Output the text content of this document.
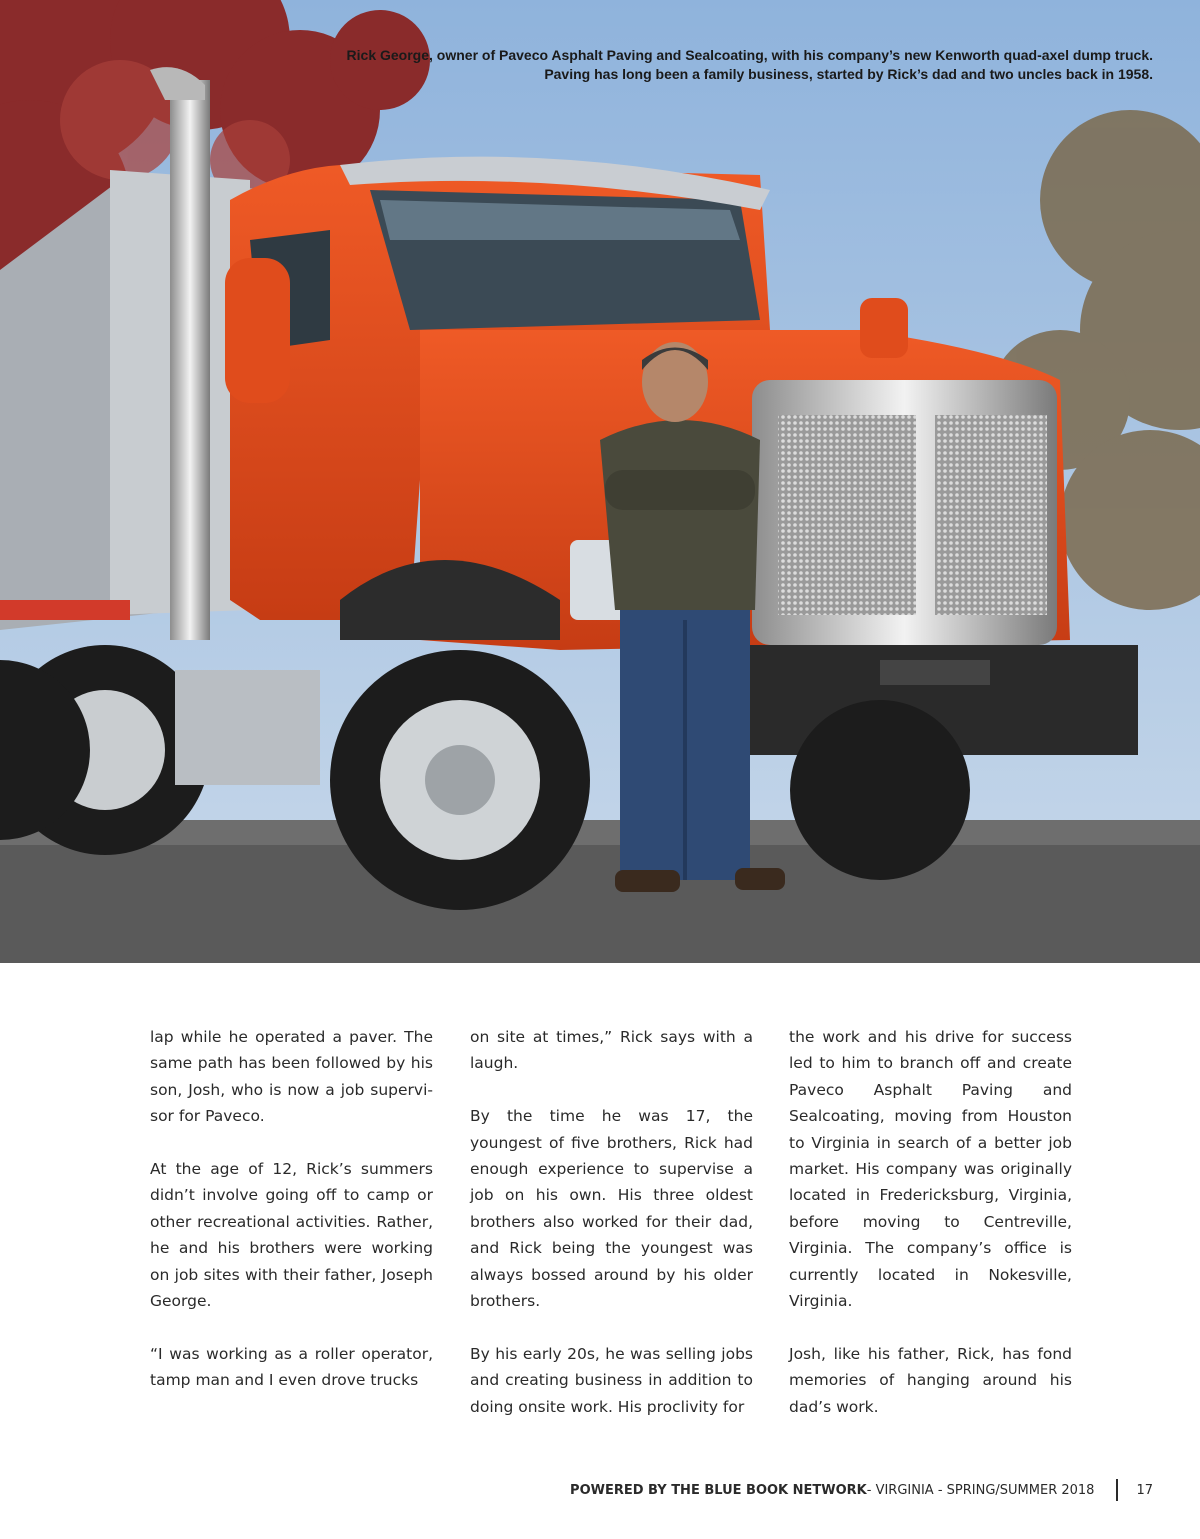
Rick George, owner of Paveco Asphalt Paving and Sealcoating, with his company’s new Kenworth quad-axel dump truck.
Paving has long been a family business, started by Rick’s dad and two uncles back in 1958.

lap while he operated a paver. The same path has been followed by his son, Josh, who is now a job supervi-sor for Paveco.

At the age of 12, Rick’s summers didn’t involve going off to camp or other recreational activities. Rather, he and his brothers were working on job sites with their father, Joseph George.

“I was working as a roller operator, tamp man and I even drove trucks

on site at times,” Rick says with a laugh.

By the time he was 17, the youngest of five brothers, Rick had enough experience to supervise a job on his own. His three oldest brothers also worked for their dad, and Rick being the youngest was always bossed around by his older brothers.

By his early 20s, he was selling jobs and creating business in addition to doing onsite work. His proclivity for

the work and his drive for success led to him to branch off and create Paveco Asphalt Paving and Sealcoating, moving from Houston to Virginia in search of a better job market. His company was originally located in Fredericksburg, Virginia, before moving to Centreville, Virginia. The company’s office is currently located in Nokesville, Virginia.

Josh, like his father, Rick, has fond memories of hanging around his dad’s work.

POWERED BY THE BLUE BOOK NETWORK - VIRGINIA - SPRING/SUMMER 2018	17
